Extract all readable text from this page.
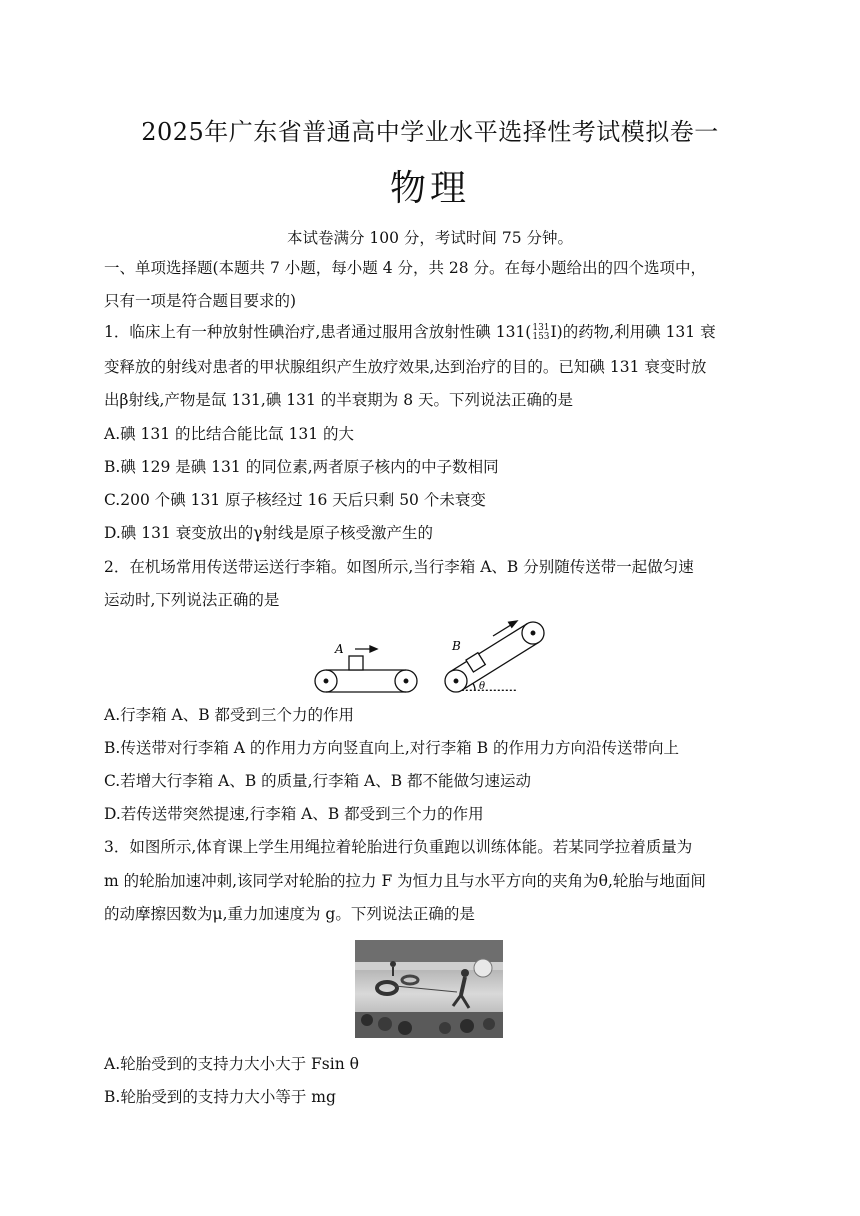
2025年广东省普通高中学业水平选择性考试模拟卷一
物理
本试卷满分 100 分，考试时间 75 分钟。
一、单项选择题(本题共 7 小题，每小题 4 分，共 28 分。在每小题给出的四个选项中，
只有一项是符合题目要求的)
1．临床上有一种放射性碘治疗,患者通过服用含放射性碘 131( 131
153 I)的药物,利用碘 131 衰
变释放的射线对患者的甲状腺组织产生放疗效果,达到治疗的目的。已知碘 131 衰变时放
出β射线,产物是氙 131,碘 131 的半衰期为 8 天。下列说法正确的是
A.碘 131 的比结合能比氙 131 的大
B.碘 129 是碘 131 的同位素,两者原子核内的中子数相同
C.200 个碘 131 原子核经过 16 天后只剩 50 个未衰变
D.碘 131 衰变放出的γ射线是原子核受激产生的
2．在机场常用传送带运送行李箱。如图所示,当行李箱 A、B 分别随传送带一起做匀速
运动时,下列说法正确的是
A	B
θ
A.行李箱 A、B 都受到三个力的作用
B.传送带对行李箱 A 的作用力方向竖直向上,对行李箱 B 的作用力方向沿传送带向上
C.若增大行李箱 A、B 的质量,行李箱 A、B 都不能做匀速运动
D.若传送带突然提速,行李箱 A、B 都受到三个力的作用
3．如图所示,体育课上学生用绳拉着轮胎进行负重跑以训练体能。若某同学拉着质量为
m 的轮胎加速冲刺,该同学对轮胎的拉力 F 为恒力且与水平方向的夹角为θ,轮胎与地面间
的动摩擦因数为μ,重力加速度为 g。下列说法正确的是
A.轮胎受到的支持力大小大于 Fsin θ
B.轮胎受到的支持力大小等于 mg
